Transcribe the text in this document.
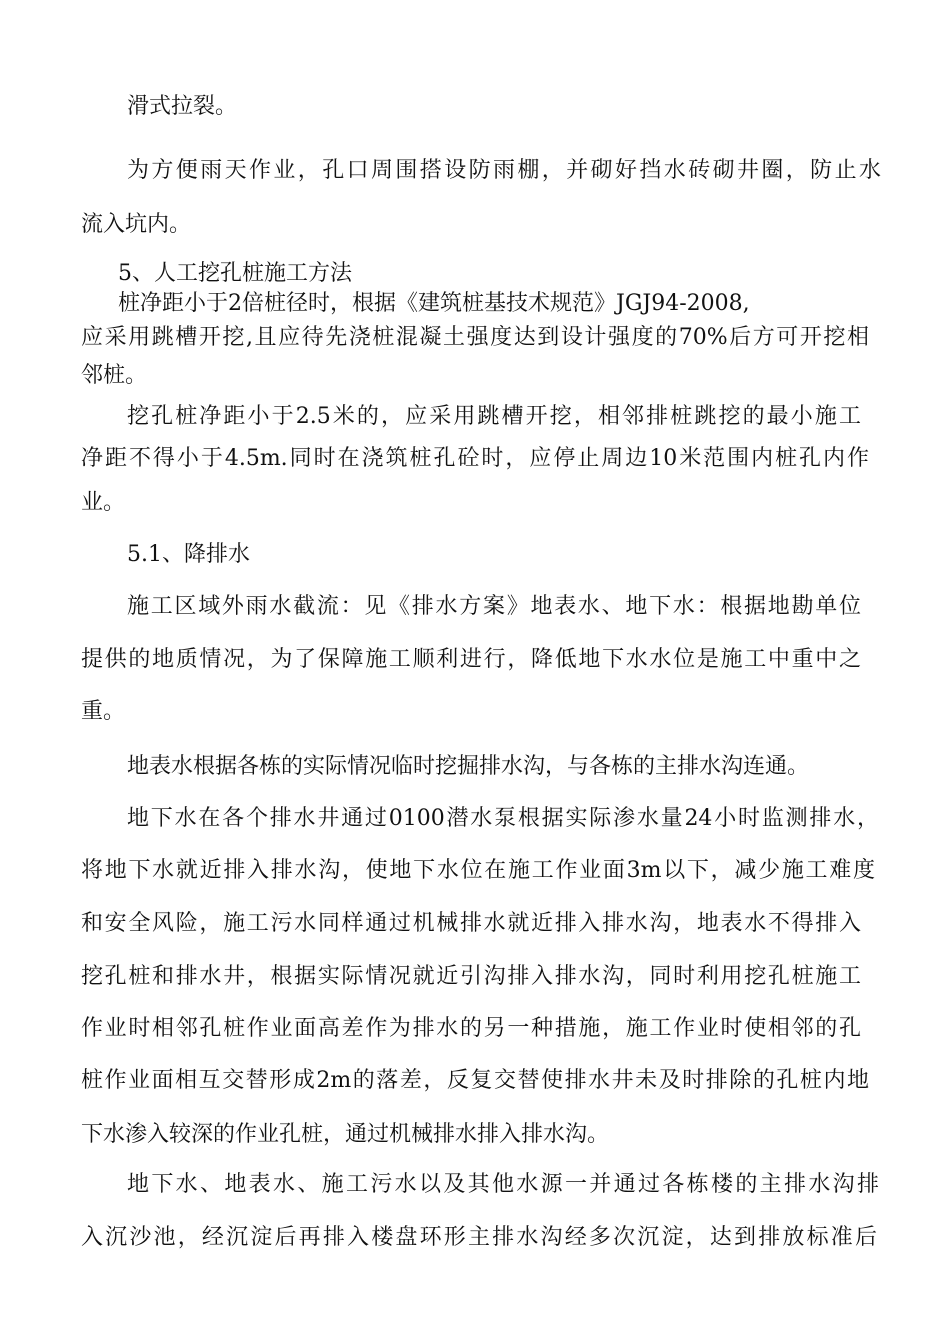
滑式拉裂。
为方便雨天作业，孔口周围搭设防雨棚，并砌好挡水砖砌井圈，防止水
流入坑内。
5、人工挖孔桩施工方法
桩净距小于2倍桩径时，根据《建筑桩基技术规范》JGJ94-2008,
应采用跳槽开挖,且应待先浇桩混凝土强度达到设计强度的70%后方可开挖相
邻桩。
挖孔桩净距小于2.5米的，应采用跳槽开挖，相邻排桩跳挖的最小施工
净距不得小于4.5m.同时在浇筑桩孔砼时，应停止周边10米范围内桩孔内作
业。
5.1、降排水
施工区域外雨水截流：见《排水方案》地表水、地下水：根据地勘单位
提供的地质情况，为了保障施工顺利进行，降低地下水水位是施工中重中之
重。
地表水根据各栋的实际情况临时挖掘排水沟，与各栋的主排水沟连通。
地下水在各个排水井通过0100潜水泵根据实际渗水量24小时监测排水，
将地下水就近排入排水沟，使地下水位在施工作业面3m以下，减少施工难度
和安全风险，施工污水同样通过机械排水就近排入排水沟，地表水不得排入
挖孔桩和排水井，根据实际情况就近引沟排入排水沟，同时利用挖孔桩施工
作业时相邻孔桩作业面高差作为排水的另一种措施，施工作业时使相邻的孔
桩作业面相互交替形成2m的落差，反复交替使排水井未及时排除的孔桩内地
下水渗入较深的作业孔桩，通过机械排水排入排水沟。
地下水、地表水、施工污水以及其他水源一并通过各栋楼的主排水沟排
入沉沙池，经沉淀后再排入楼盘环形主排水沟经多次沉淀，达到排放标准后
